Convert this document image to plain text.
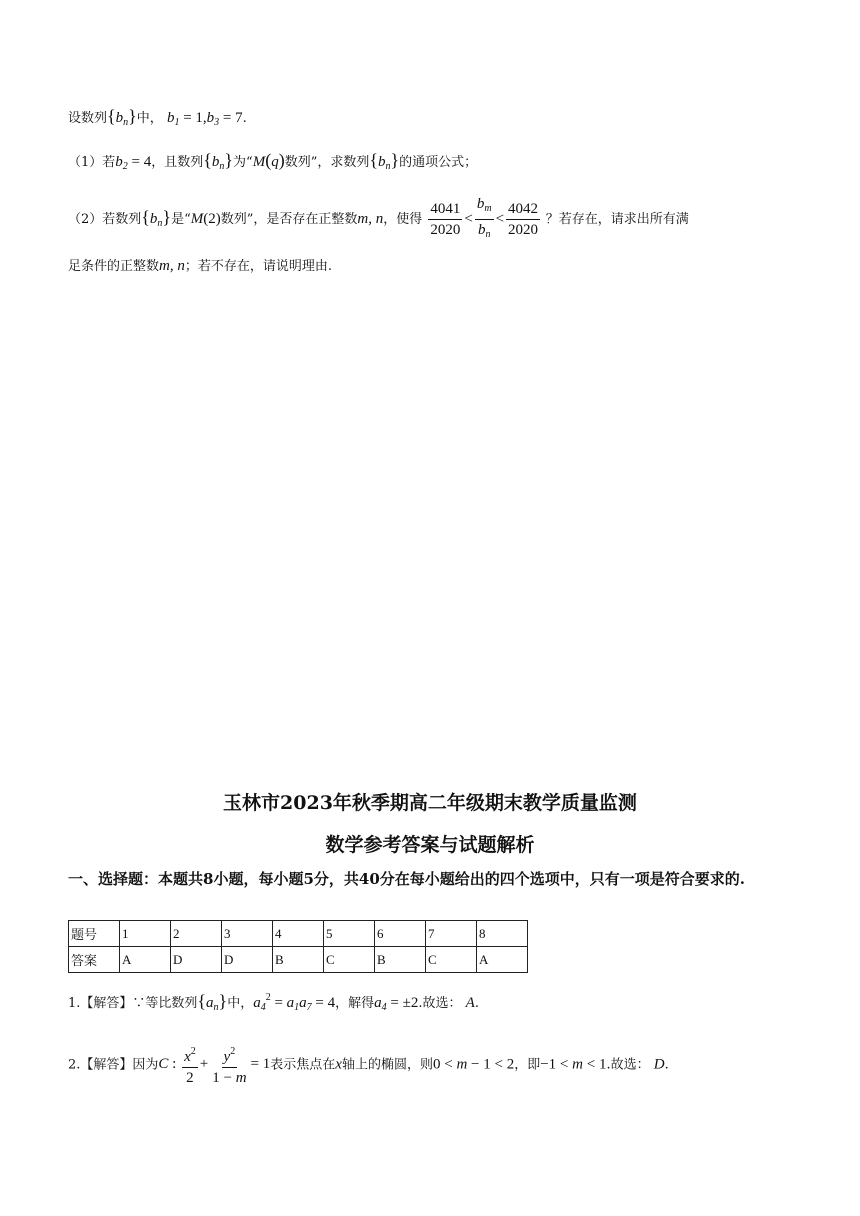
设数列$\{b_n\}$中， $b_1 = 1,b_3 = 7$.
（1）若$b_2 = 4$，且数列$\{b_n\}$为“M(q)数列”，求数列$\{b_n\}$的通项公式；
（2）若数列$\{b_n\}$是“M(2)数列”，是否存在正整数m, n，使得 $\frac{4041}{2020} < \frac{b_m}{b_n} < \frac{4042}{2020}$ ？若存在，请求出所有满
足条件的正整数m, n；若不存在，请说明理由.
玉林市2023年秋季期高二年级期末教学质量监测
数学参考答案与试题解析
一、选择题：本题共8小题，每小题5分，共40分在每小题给出的四个选项中，只有一项是符合要求的.
题号	1	2	3	4	5	6	7	8
答案	A	D	D	B	C	B	C	A
1.【解答】∵等比数列$\{a_n\}$中，$a_4^2 = a_1a_7 = 4$，解得$a_4 = \pm 2$.故选： A.
2.【解答】因为C : $\frac{x^2}{2} + \frac{y^2}{1 - m} = 1$表示焦点在x轴上的椭圆，则0 < m − 1 < 2，即−1 < m < 1.故选： D.
